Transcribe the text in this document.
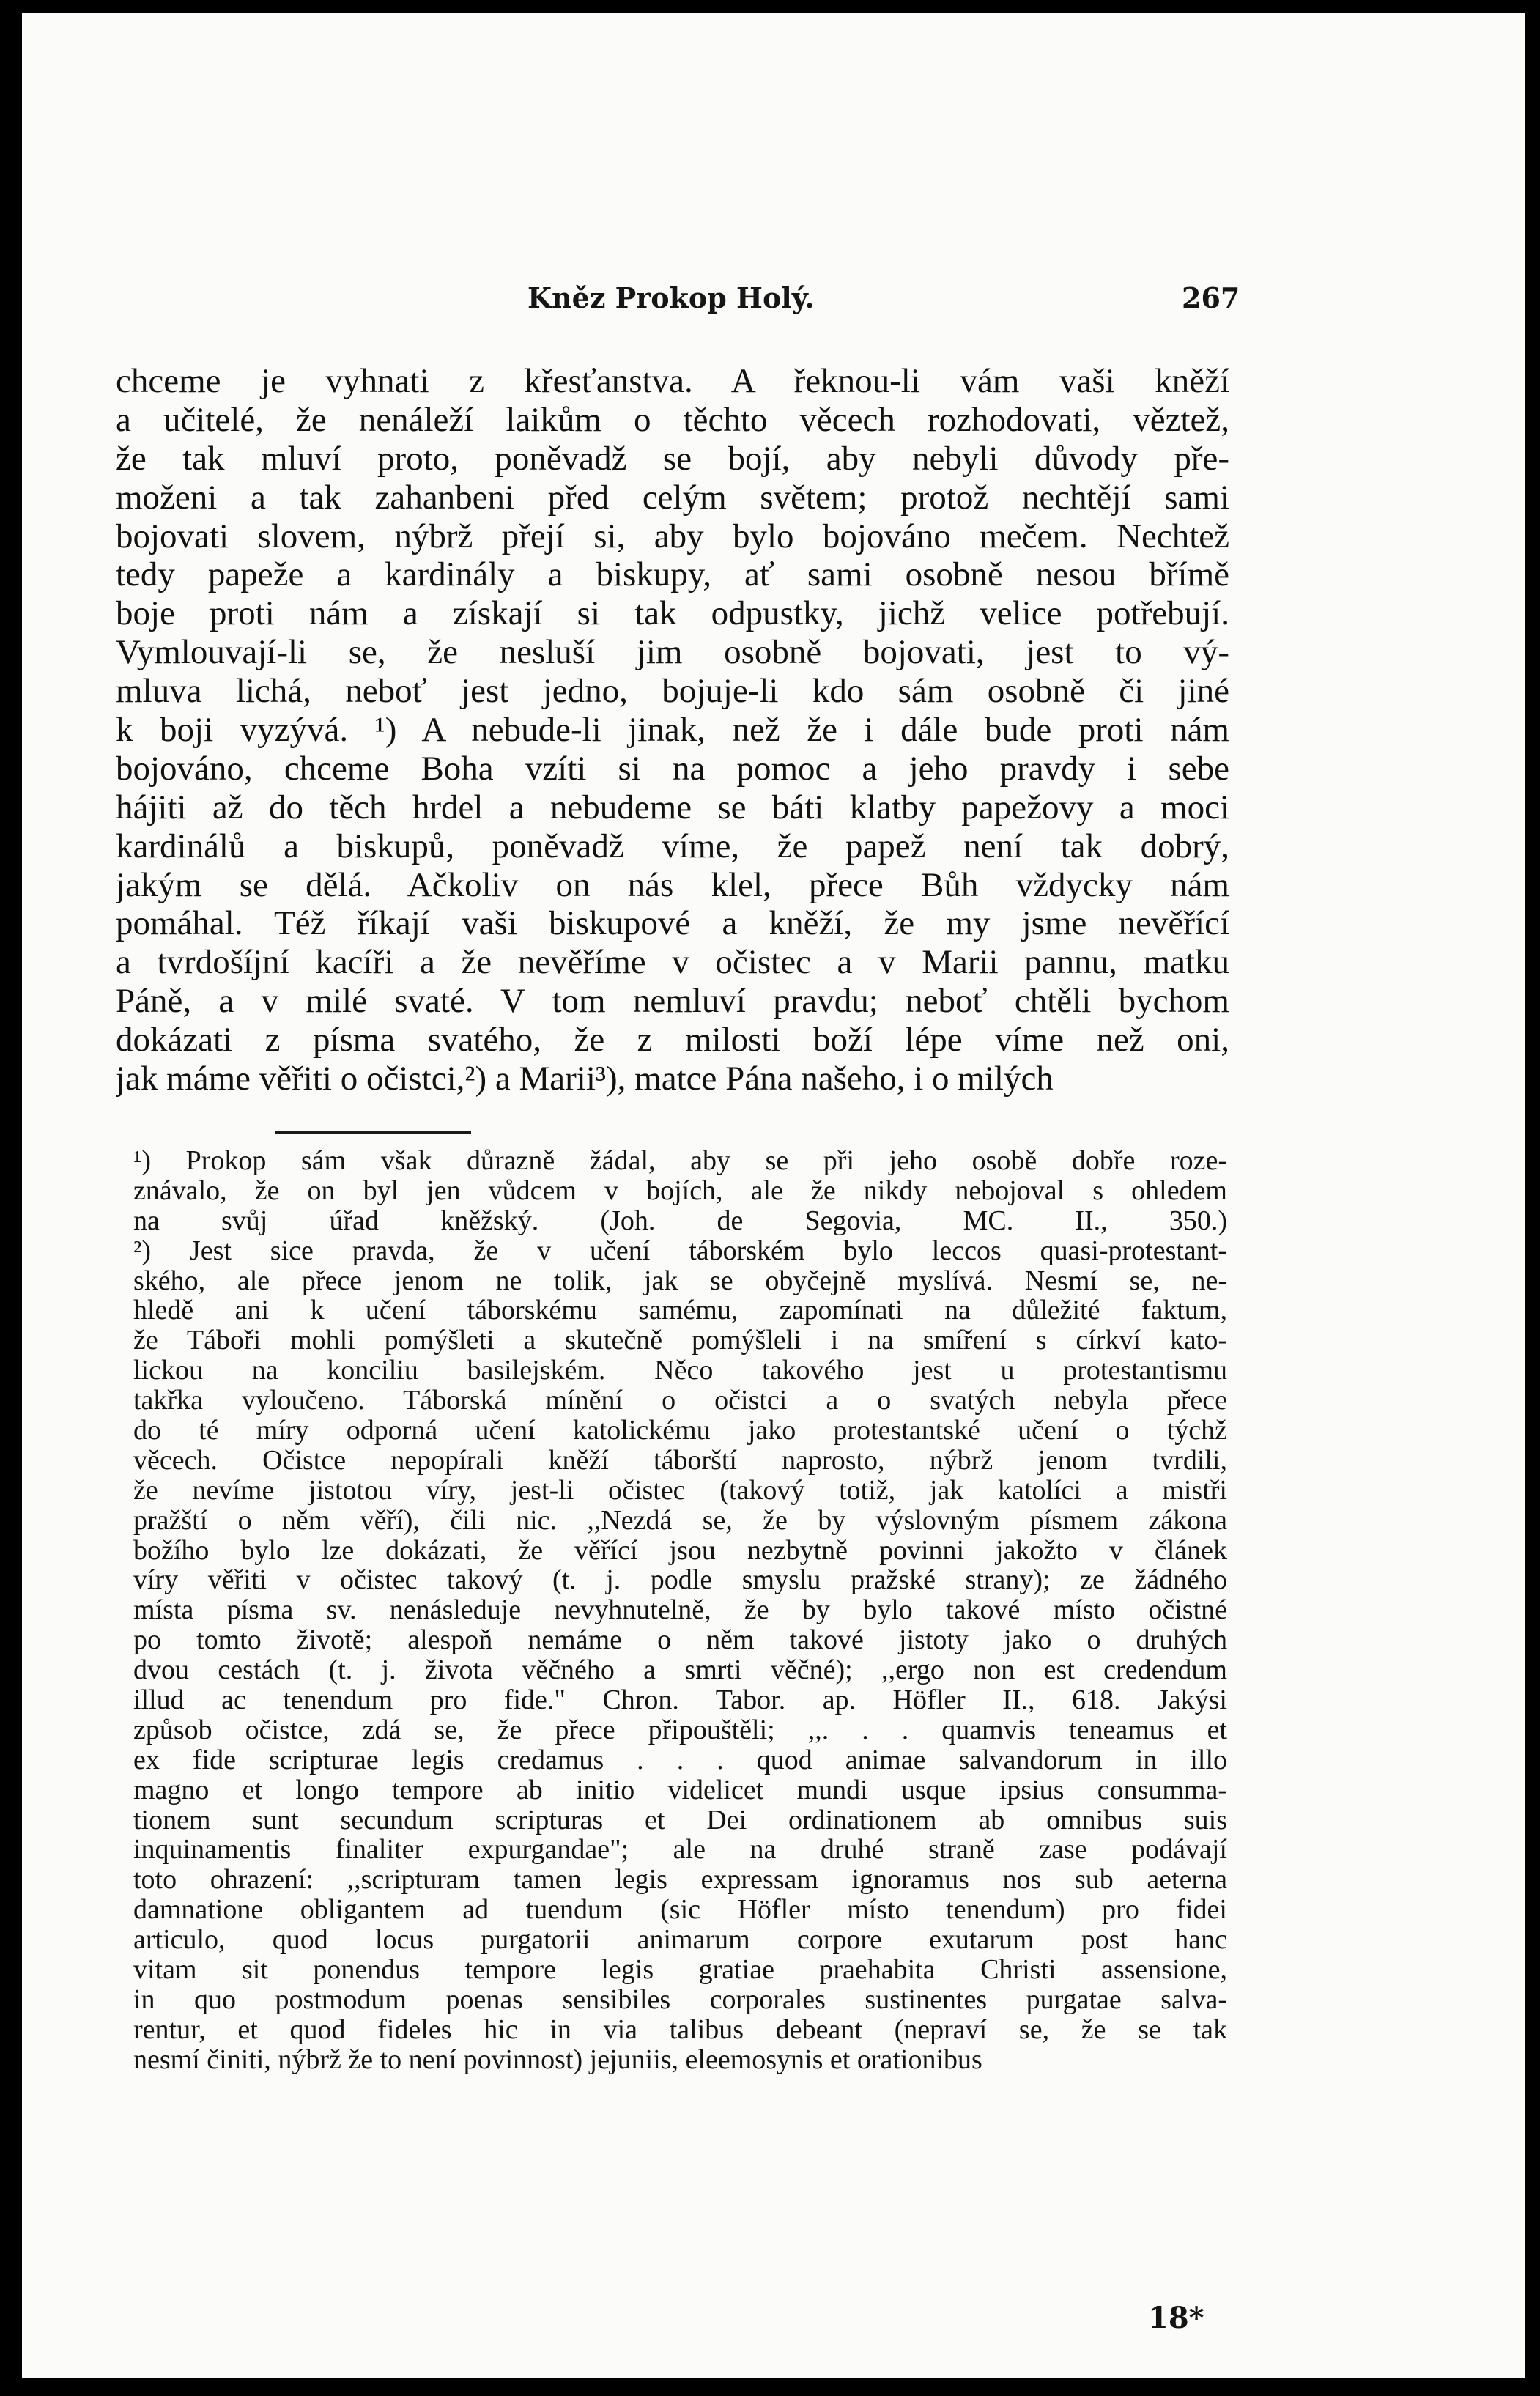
Kněz Prokop Holý.	267
chceme je vyhnati z křesťanstva. A řeknou-li vám vaši kněží
a učitelé, že nenáleží laikům o těchto věcech rozhodovati, věztež,
že tak mluví proto, poněvadž se bojí, aby nebyli důvody pře-
moženi a tak zahanbeni před celým světem; protož nechtějí sami
bojovati slovem, nýbrž přejí si, aby bylo bojováno mečem. Nechtež
tedy papeže a kardinály a biskupy, ať sami osobně nesou břímě
boje proti nám a získají si tak odpustky, jichž velice potřebují.
Vymlouvají-li se, že nesluší jim osobně bojovati, jest to vý-
mluva lichá, neboť jest jedno, bojuje-li kdo sám osobně či jiné
k boji vyzývá. ¹) A nebude-li jinak, než že i dále bude proti nám
bojováno, chceme Boha vzíti si na pomoc a jeho pravdy i sebe
hájiti až do těch hrdel a nebudeme se báti klatby papežovy a moci
kardinálů a biskupů, poněvadž víme, že papež není tak dobrý,
jakým se dělá. Ačkoliv on nás klel, přece Bůh vždycky nám
pomáhal. Též říkají vaši biskupové a kněží, že my jsme nevěřící
a tvrdošíjní kacíři a že nevěříme v očistec a v Marii pannu, matku
Páně, a v milé svaté. V tom nemluví pravdu; neboť chtěli bychom
dokázati z písma svatého, že z milosti boží lépe víme než oni,
jak máme věřiti o očistci,²) a Marii³), matce Pána našeho, i o milých
¹) Prokop sám však důrazně žádal, aby se při jeho osobě dobře roze-
znávalo, že on byl jen vůdcem v bojích, ale že nikdy nebojoval s ohledem
na svůj úřad kněžský. (Joh. de Segovia, MC. II., 350.)
²) Jest sice pravda, že v učení táborském bylo leccos quasi-protestant-
ského, ale přece jenom ne tolik, jak se obyčejně myslívá. Nesmí se, ne-
hledě ani k učení táborskému samému, zapomínati na důležité faktum,
že Táboři mohli pomýšleti a skutečně pomýšleli i na smíření s církví kato-
lickou na konciliu basilejském. Něco takového jest u protestantismu
takřka vyloučeno. Táborská mínění o očistci a o svatých nebyla přece
do té míry odporná učení katolickému jako protestantské učení o týchž
věcech. Očistce nepopírali kněží táborští naprosto, nýbrž jenom tvrdili,
že nevíme jistotou víry, jest-li očistec (takový totiž, jak katolíci a mistři
pražští o něm věří), čili nic. ,,Nezdá se, že by výslovným písmem zákona
božího bylo lze dokázati, že věřící jsou nezbytně povinni jakožto v článek
víry věřiti v očistec takový (t. j. podle smyslu pražské strany); ze žádného
místa písma sv. nenásleduje nevyhnutelně, že by bylo takové místo očistné
po tomto životě; alespoň nemáme o něm takové jistoty jako o druhých
dvou cestách (t. j. života věčného a smrti věčné); ,,ergo non est credendum
illud ac tenendum pro fide." Chron. Tabor. ap. Höfler II., 618. Jakýsi
způsob očistce, zdá se, že přece připouštěli; ,,. . . quamvis teneamus et
ex fide scripturae legis credamus . . . quod animae salvandorum in illo
magno et longo tempore ab initio videlicet mundi usque ipsius consumma-
tionem sunt secundum scripturas et Dei ordinationem ab omnibus suis
inquinamentis finaliter expurgandae"; ale na druhé straně zase podávají
toto ohrazení: ,,scripturam tamen legis expressam ignoramus nos sub aeterna
damnatione obligantem ad tuendum (sic Höfler místo tenendum) pro fidei
articulo, quod locus purgatorii animarum corpore exutarum post hanc
vitam sit ponendus tempore legis gratiae praehabita Christi assensione,
in quo postmodum poenas sensibiles corporales sustinentes purgatae salva-
rentur, et quod fideles hic in via talibus debeant (nepraví se, že se tak
nesmí činiti, nýbrž že to není povinnost) jejuniis, eleemosynis et orationibus
18*
